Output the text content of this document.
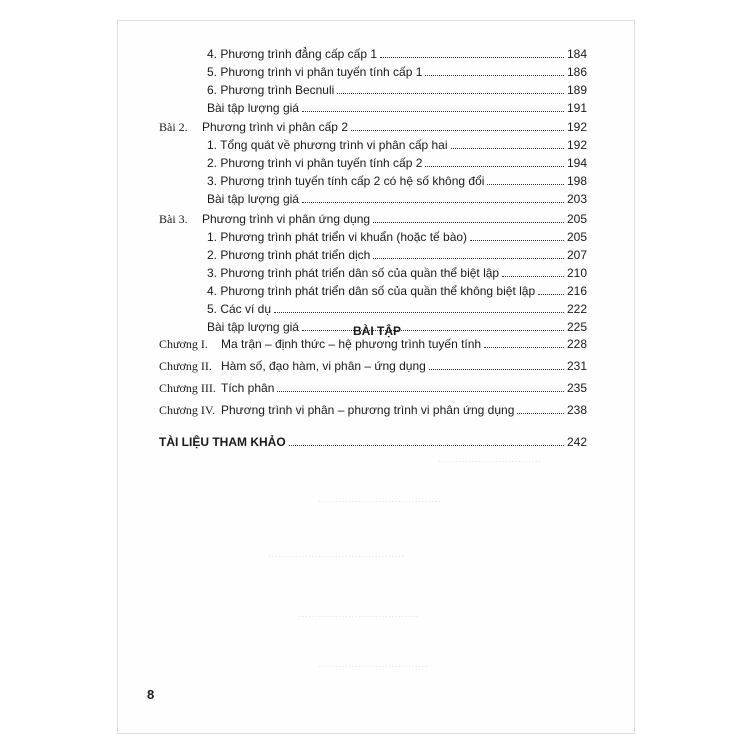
4. Phương trình đẳng cấp cấp 1	184
5. Phương trình vi phân tuyến tính cấp 1	186
6. Phương trình Becnuli	189
Bài tập lượng giá	191
Bài 2. Phương trình vi phân cấp 2	192
1. Tổng quát về phương trình vi phân cấp hai	192
2. Phương trình vi phân tuyến tính cấp 2	194
3. Phương trình tuyến tính cấp 2 có hệ số không đổi	198
Bài tập lượng giá	203
Bài 3. Phương trình vi phân ứng dụng	205
1. Phương trình phát triển vi khuẩn (hoặc tế bào)	205
2. Phương trình phát triển dịch	207
3. Phương trình phát triển dân số của quần thể biệt lập	210
4. Phương trình phát triển dân số của quần thể không biệt lập	216
5. Các ví dụ	222
Bài tập lượng giá	225
BÀI TẬP
Chương I. Ma trận – định thức – hệ phương trình tuyến tính	228
Chương II. Hàm số, đạo hàm, vi phân – ứng dụng	231
Chương III. Tích phân	235
Chương IV. Phương trình vi phân – phương trình vi phân ứng dụng	238
TÀI LIỆU THAM KHẢO	242
·······························
·····································
·········································
····································
·································
8
